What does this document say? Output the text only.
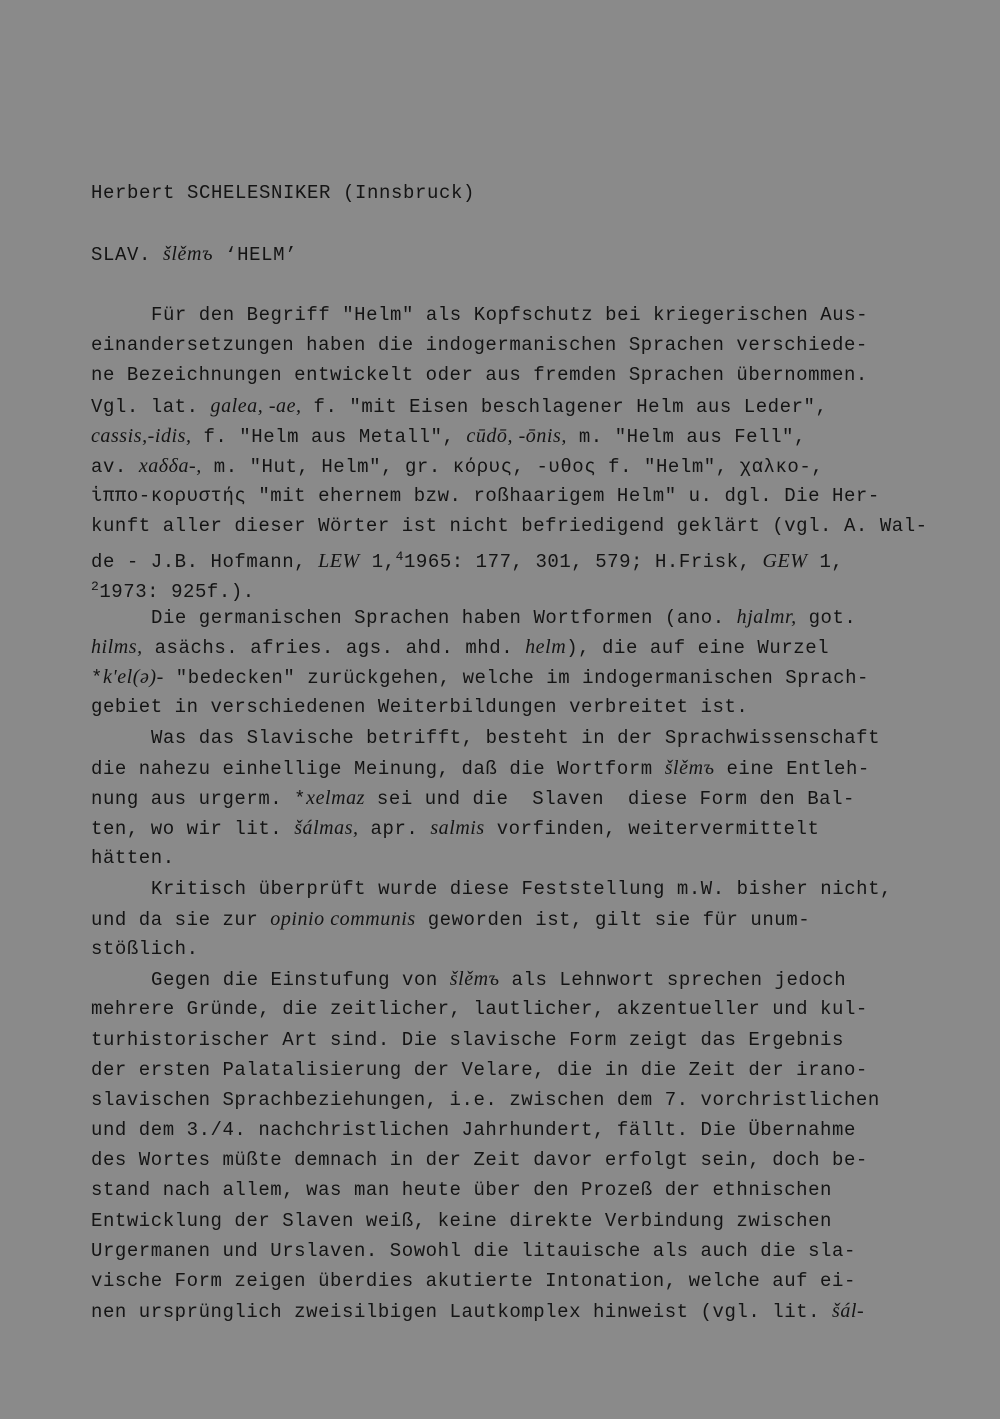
Herbert SCHELESNIKER (Innsbruck)
SLAV. šlěmъ ‘HELM’
Für den Begriff "Helm" als Kopfschutz bei kriegerischen Aus-
einandersetzungen haben die indogermanischen Sprachen verschiede-
ne Bezeichnungen entwickelt oder aus fremden Sprachen übernommen.
Vgl. lat. galea, -ae, f. "mit Eisen beschlagener Helm aus Leder",
cassis,-idis, f. "Helm aus Metall", cūdō, -ōnis, m. "Helm aus Fell",
av. xaδδa-, m. "Hut, Helm", gr. κόρυς, -υθος f. "Helm", χαλκο-,
ἱππο-κορυστής "mit ehernem bzw. roßhaarigem Helm" u. dgl. Die Her-
kunft aller dieser Wörter ist nicht befriedigend geklärt (vgl. A. Wal-
de - J.B. Hofmann, LEW 1,$^4$1965: 177, 301, 579; H.Frisk, GEW 1,
$^2$1973: 925f.).
Die germanischen Sprachen haben Wortformen (ano. hjalmr, got.
hilms, asächs. afries. ags. ahd. mhd. helm), die auf eine Wurzel
*k'el(ə)- "bedecken" zurückgehen, welche im indogermanischen Sprach-
gebiet in verschiedenen Weiterbildungen verbreitet ist.
Was das Slavische betrifft, besteht in der Sprachwissenschaft
die nahezu einhellige Meinung, daß die Wortform šlěmъ eine Entleh-
nung aus urgerm. *xelmaz sei und die  Slaven  diese Form den Bal-
ten, wo wir lit. šálmas, apr. salmis vorfinden, weitervermittelt
hätten.
Kritisch überprüft wurde diese Feststellung m.W. bisher nicht,
und da sie zur opinio communis geworden ist, gilt sie für unum-
stößlich.
Gegen die Einstufung von šlěmъ als Lehnwort sprechen jedoch
mehrere Gründe, die zeitlicher, lautlicher, akzentueller und kul-
turhistorischer Art sind. Die slavische Form zeigt das Ergebnis
der ersten Palatalisierung der Velare, die in die Zeit der irano-
slavischen Sprachbeziehungen, i.e. zwischen dem 7. vorchristlichen
und dem 3./4. nachchristlichen Jahrhundert, fällt. Die Übernahme
des Wortes müßte demnach in der Zeit davor erfolgt sein, doch be-
stand nach allem, was man heute über den Prozeß der ethnischen
Entwicklung der Slaven weiß, keine direkte Verbindung zwischen
Urgermanen und Urslaven. Sowohl die litauische als auch die sla-
vische Form zeigen überdies akutierte Intonation, welche auf ei-
nen ursprünglich zweisilbigen Lautkomplex hinweist (vgl. lit. šál-
